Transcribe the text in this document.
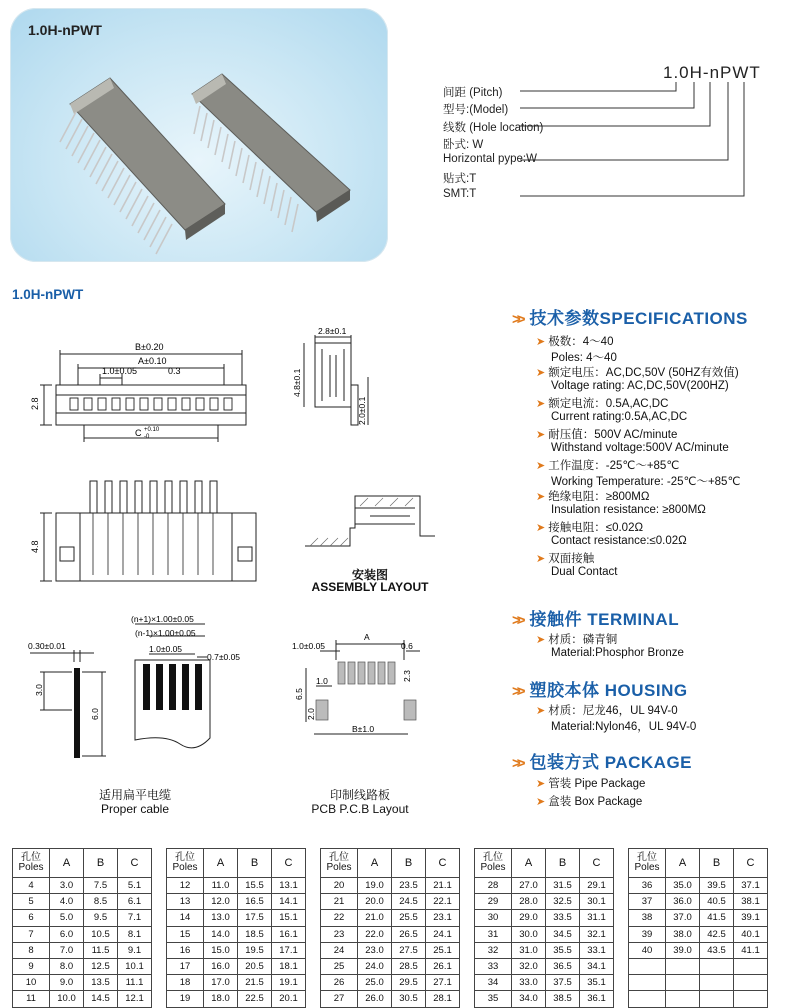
1.0H-nPWT
1.0H-nPWT
间距 (Pitch)
型号:(Model)
线数 (Hole location)
卧式: W
Horizontal pype:W
贴式:T
SMT:T
1.0H-nPWT
B±0.20
A±0.10
1.0±0.05	0.3
C +0.10
-0
2.8
2.8±0.1
4.8±0.1
2.0±0.1
4.8
安装图
ASSEMBLY LAYOUT
0.30±0.01
3.0
6.0
(n+1)×1.00±0.05
(n-1)×1.00±0.05
1.0±0.05
0.7±0.05
适用扁平电缆
Proper cable
1.0±0.05
A
0.6
2.3
6.5
1.0
2.0
B±1.0
印制线路板
PCB P.C.B Layout
>> 技术参数SPECIFICATIONS
➤ 极数：4～40
Poles: 4～40
➤ 额定电压：AC,DC,50V (50HZ有效值)
Voltage rating: AC,DC,50V(200HZ)
➤ 额定电流：0.5A,AC,DC
Current rating:0.5A,AC,DC
➤ 耐压值：500V AC/minute
Withstand voltage:500V AC/minute
➤ 工作温度：-25℃～+85℃
Working Temperature: -25℃～+85℃
➤ 绝缘电阻：≥800MΩ
Insulation resistance: ≥800MΩ
➤ 接触电阻：≤0.02Ω
Contact resistance:≤0.02Ω
➤ 双面接触
Dual Contact
>> 接触件 TERMINAL
➤ 材质：磷青铜
Material:Phosphor Bronze
>> 塑胶本体 HOUSING
➤ 材质：尼龙46，UL 94V-0
Material:Nylon46，UL 94V-0
>> 包装方式 PACKAGE
➤ 管装 Pipe Package
➤ 盒装 Box Package
孔位
Poles	A	B	C
4	3.0	7.5	5.1
5	4.0	8.5	6.1
6	5.0	9.5	7.1
7	6.0	10.5	8.1
8	7.0	11.5	9.1
9	8.0	12.5	10.1
10	9.0	13.5	11.1
11	10.0	14.5	12.1
孔位
Poles	A	B	C
12	11.0	15.5	13.1
13	12.0	16.5	14.1
14	13.0	17.5	15.1
15	14.0	18.5	16.1
16	15.0	19.5	17.1
17	16.0	20.5	18.1
18	17.0	21.5	19.1
19	18.0	22.5	20.1
孔位
Poles	A	B	C
20	19.0	23.5	21.1
21	20.0	24.5	22.1
22	21.0	25.5	23.1
23	22.0	26.5	24.1
24	23.0	27.5	25.1
25	24.0	28.5	26.1
26	25.0	29.5	27.1
27	26.0	30.5	28.1
孔位
Poles	A	B	C
28	27.0	31.5	29.1
29	28.0	32.5	30.1
30	29.0	33.5	31.1
31	30.0	34.5	32.1
32	31.0	35.5	33.1
33	32.0	36.5	34.1
34	33.0	37.5	35.1
35	34.0	38.5	36.1
孔位
Poles	A	B	C
36	35.0	39.5	37.1
37	36.0	40.5	38.1
38	37.0	41.5	39.1
39	38.0	42.5	40.1
40	39.0	43.5	41.1
